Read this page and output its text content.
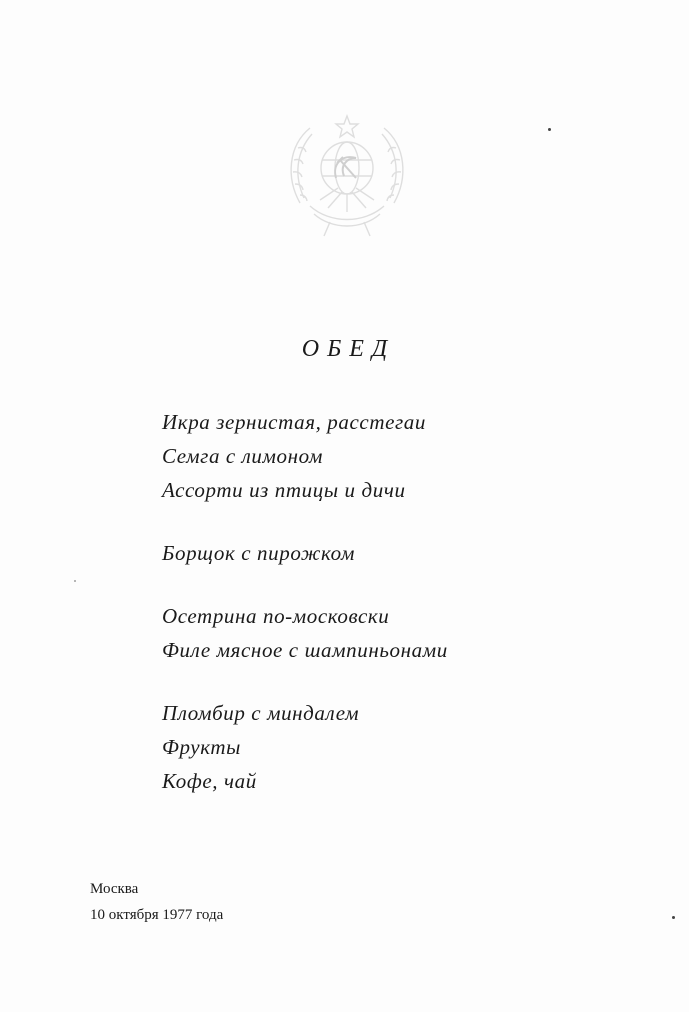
ОБЕД
Икра зернистая, расстегаи
Семга с лимоном
Ассорти из птицы и дичи
Борщок с пирожком
Осетрина по-московски
Филе мясное с шампиньонами
Пломбир с миндалем
Фрукты
Кофе, чай
Москва
10 октября 1977 года
